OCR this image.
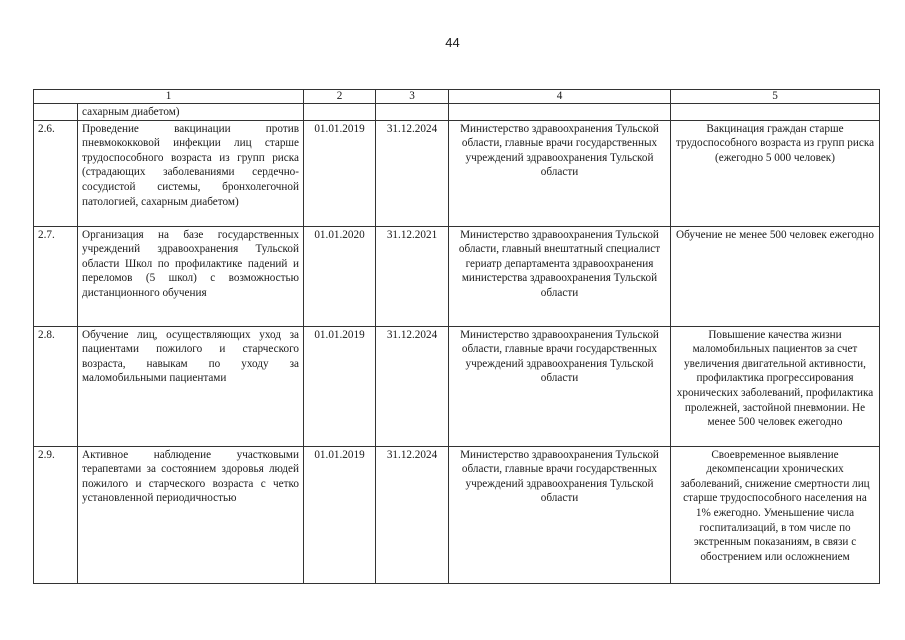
44
1		2	3	4	5
	сахарным диабетом)				
2.6.	Проведение вакцинации против пневмококковой инфекции лиц старше трудоспособного возраста из групп риска (страдающих заболеваниями сердечно-сосудистой системы, бронхолегочной патологией, сахарным диабетом)	01.01.2019	31.12.2024	Министерство здравоохранения Тульской области, главные врачи государственных учреждений здравоохранения Тульской области	Вакцинация граждан старше трудоспособного возраста из групп риска (ежегодно 5 000 человек)
2.7.	Организация на базе государственных учреждений здравоохранения Тульской области Школ по профилактике падений и переломов (5 школ) с возможностью дистанционного обучения	01.01.2020	31.12.2021	Министерство здравоохранения Тульской области, главный внештатный специалист гериатр департамента здравоохранения министерства здравоохранения Тульской области	Обучение не менее 500 человек ежегодно
2.8.	Обучение лиц, осуществляющих уход за пациентами пожилого и старческого возраста, навыкам по уходу за маломобильными пациентами	01.01.2019	31.12.2024	Министерство здравоохранения Тульской области, главные врачи государственных учреждений здравоохранения Тульской области	Повышение качества жизни маломобильных пациентов за счет увеличения двигательной активности, профилактика прогрессирования хронических заболеваний, профилактика пролежней, застойной пневмонии. Не менее 500 человек ежегодно
2.9.	Активное наблюдение участковыми терапевтами за состоянием здоровья людей пожилого и старческого возраста с четко установленной периодичностью	01.01.2019	31.12.2024	Министерство здравоохранения Тульской области, главные врачи государственных учреждений здравоохранения Тульской области	Своевременное выявление декомпенсации хронических заболеваний, снижение смертности лиц старше трудоспособного населения на 1% ежегодно. Уменьшение числа госпитализаций, в том числе по экстренным показаниям, в связи с обострением или осложнением
